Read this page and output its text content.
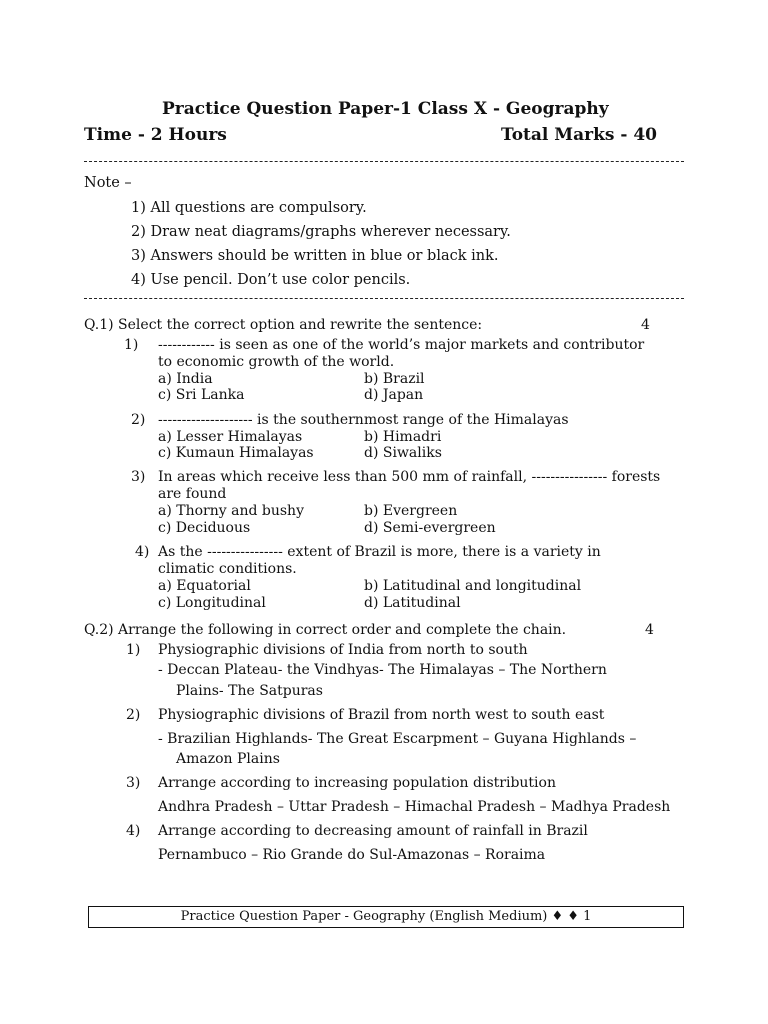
Practice Question Paper-1 Class X - Geography
Time - 2 Hours	Total Marks - 40
Note –
1) All questions are compulsory.
2) Draw neat diagrams/graphs wherever necessary.
3) Answers should be written in blue or black ink.
4) Use pencil. Don’t use color pencils.
Q.1) Select the correct option and rewrite the sentence:	4
1) ------------ is seen as one of the world’s major markets and contributor
to economic growth of the world.
a) India	b) Brazil
c) Sri Lanka	d) Japan
2) -------------------- is the southernmost range of the Himalayas
a) Lesser Himalayas	b) Himadri
c) Kumaun Himalayas	d) Siwaliks
3) In areas which receive less than 500 mm of rainfall, ---------------- forests
are found
a) Thorny and bushy	b) Evergreen
c) Deciduous	d) Semi-evergreen
4) As the ---------------- extent of Brazil is more, there is a variety in
climatic conditions.
a) Equatorial	b) Latitudinal and longitudinal
c) Longitudinal	d) Latitudinal
Q.2) Arrange the following in correct order and complete the chain.	4
1) Physiographic divisions of India from north to south
- Deccan Plateau- the Vindhyas- The Himalayas – The Northern
Plains- The Satpuras
2) Physiographic divisions of Brazil from north west to south east
- Brazilian Highlands- The Great Escarpment – Guyana Highlands –
Amazon Plains
3) Arrange according to increasing population distribution
Andhra Pradesh – Uttar Pradesh – Himachal Pradesh – Madhya Pradesh
4) Arrange according to decreasing amount of rainfall in Brazil
Pernambuco – Rio Grande do Sul-Amazonas – Roraima
Practice Question Paper - Geography (English Medium) ♦ ♦ 1
